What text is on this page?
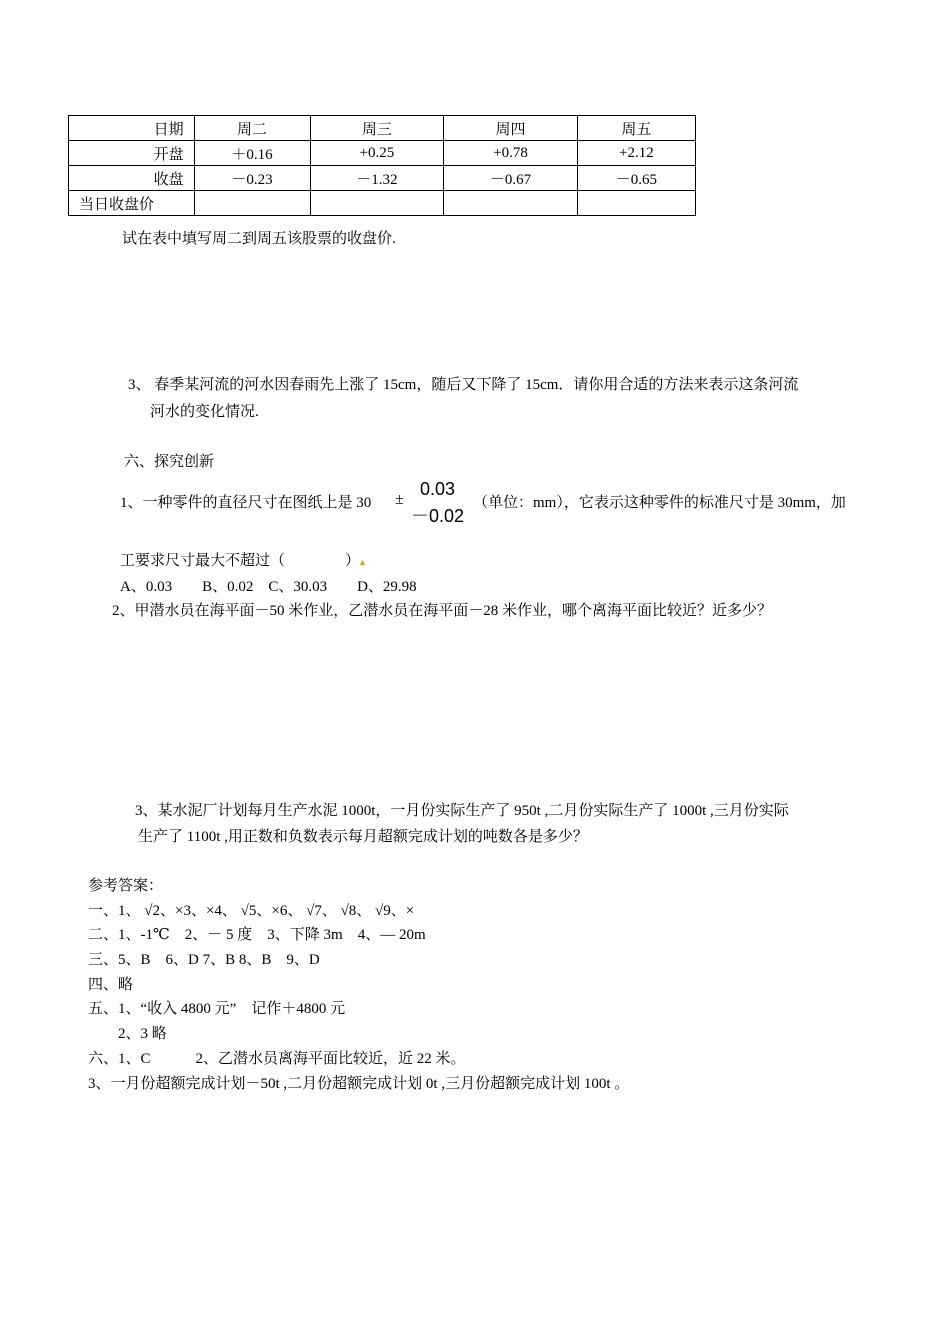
日期	周二	周三	周四	周五
开盘	＋0.16	+0.25	+0.78	+2.12
收盘	－0.23	－1.32	－0.67	－0.65
当日收盘价				
试在表中填写周二到周五该股票的收盘价.
3、 春季某河流的河水因春雨先上涨了 15cm，随后又下降了 15cm．请你用合适的方法来表示这条河流
河水的变化情况.
六、探究创新
1、一种零件的直径尺寸在图纸上是 30 ±
0.03
－0.02
（单位：mm），它表示这种零件的标准尺寸是 30mm，加
工要求尺寸最大不超过（　　　　）▴
A、0.03　　B、0.02　C、30.03　　D、29.98
2、甲潜水员在海平面－50 米作业，乙潜水员在海平面－28 米作业，哪个离海平面比较近？近多少？
3、某水泥厂计划每月生产水泥 1000t，一月份实际生产了 950t ,二月份实际生产了 1000t ,三月份实际
生产了 1100t ,用正数和负数表示每月超额完成计划的吨数各是多少？
参考答案：
一、1、 √2、×3、×4、 √5、×6、 √7、 √8、 √9、×
二、1、-1℃　2、－ 5 度　3、下降 3m　4、— 20m
三、5、B　6、D 7、B 8、B　9、D
四、略
五、1、“收入 4800 元”　记作＋4800 元
　　2、3 略
六、1、C　　　2、乙潜水员离海平面比较近，近 22 米。
3、一月份超额完成计划－50t ,二月份超额完成计划 0t ,三月份超额完成计划 100t 。
